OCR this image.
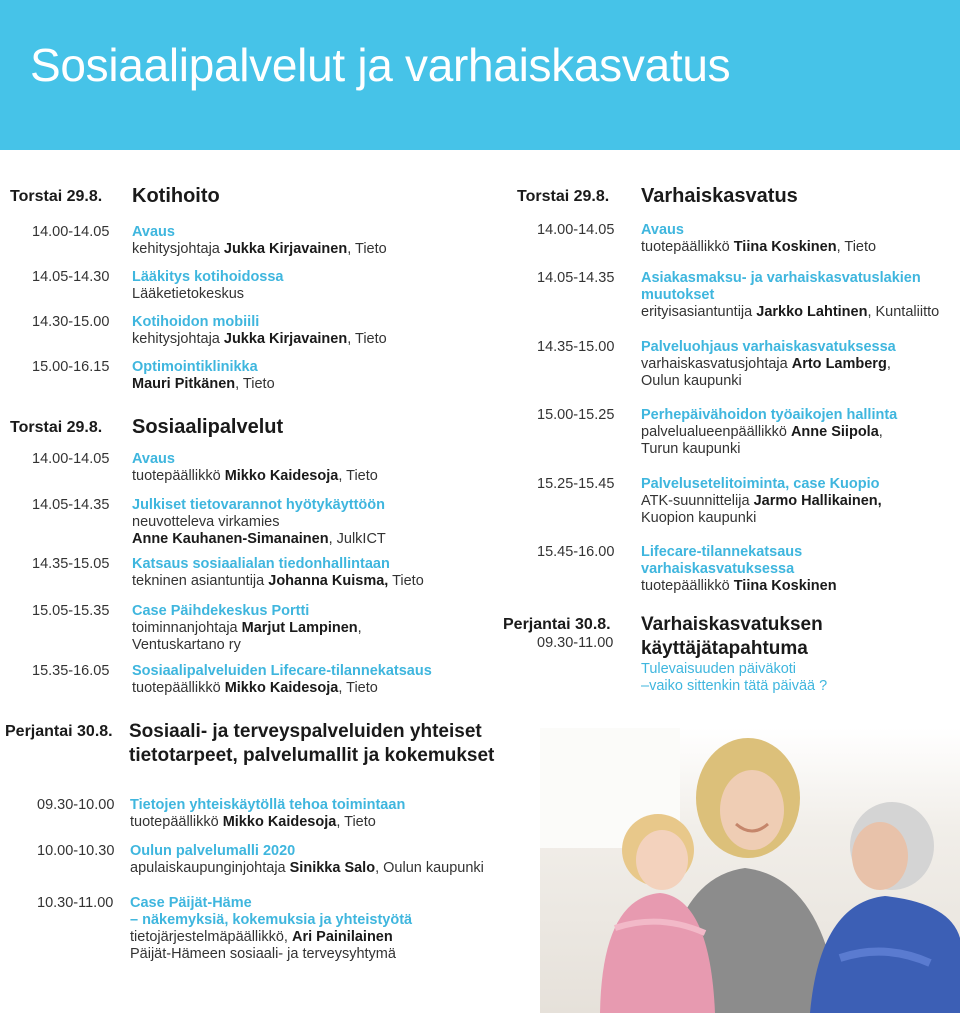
Sosiaalipalvelut ja varhaiskasvatus
Torstai 29.8. Kotihoito
14.00-14.05 Avaus
kehitysjohtaja Jukka Kirjavainen, Tieto
14.05-14.30 Lääkitys kotihoidossa
Lääketietokeskus
14.30-15.00 Kotihoidon mobiili
kehitysjohtaja Jukka Kirjavainen, Tieto
15.00-16.15 Optimointiklinikka
Mauri Pitkänen, Tieto
Torstai 29.8. Sosiaalipalvelut
14.00-14.05 Avaus
tuotepäällikkö Mikko Kaidesoja, Tieto
14.05-14.35 Julkiset tietovarannot hyötykäyttöön
neuvotteleva virkamies
Anne Kauhanen-Simanainen, JulkICT
14.35-15.05 Katsaus sosiaalialan tiedonhallintaan
tekninen asiantuntija Johanna Kuisma, Tieto
15.05-15.35 Case Päihdekeskus Portti
toiminnanjohtaja Marjut Lampinen,
Ventuskartano ry
15.35-16.05 Sosiaalipalveluiden Lifecare-tilannekatsaus
tuotepäällikkö Mikko Kaidesoja, Tieto
Perjantai 30.8. Sosiaali- ja terveyspalveluiden yhteiset
tietotarpeet, palvelumallit ja kokemukset
09.30-10.00 Tietojen yhteiskäytöllä tehoa toimintaan
tuotepäällikkö Mikko Kaidesoja, Tieto
10.00-10.30 Oulun palvelumalli 2020
apulaiskaupunginjohtaja Sinikka Salo, Oulun kaupunki
10.30-11.00 Case Päijät-Häme
– näkemyksiä, kokemuksia ja yhteistyötä
tietojärjestelmäpäällikkö, Ari Painilainen
Päijät-Hämeen sosiaali- ja terveysyhtymä
Torstai 29.8. Varhaiskasvatus
14.00-14.05 Avaus
tuotepäällikkö Tiina Koskinen, Tieto
14.05-14.35 Asiakasmaksu- ja varhaiskasvatuslakien
muutokset
erityisasiantuntija Jarkko Lahtinen, Kuntaliitto
14.35-15.00 Palveluohjaus varhaiskasvatuksessa
varhaiskasvatusjohtaja Arto Lamberg,
Oulun kaupunki
15.00-15.25 Perhepäivähoidon työaikojen hallinta
palvelualueenpäällikkö Anne Siipola,
Turun kaupunki
15.25-15.45 Palvelusetelitoiminta, case Kuopio
ATK-suunnittelija Jarmo Hallikainen,
Kuopion kaupunki
15.45-16.00 Lifecare-tilannekatsaus
varhaiskasvatuksessa
tuotepäällikkö Tiina Koskinen
Perjantai 30.8.
09.30-11.00
Varhaiskasvatuksen
käyttäjätapahtuma
Tulevaisuuden päiväkoti
–vaiko sittenkin tätä päivää ?
